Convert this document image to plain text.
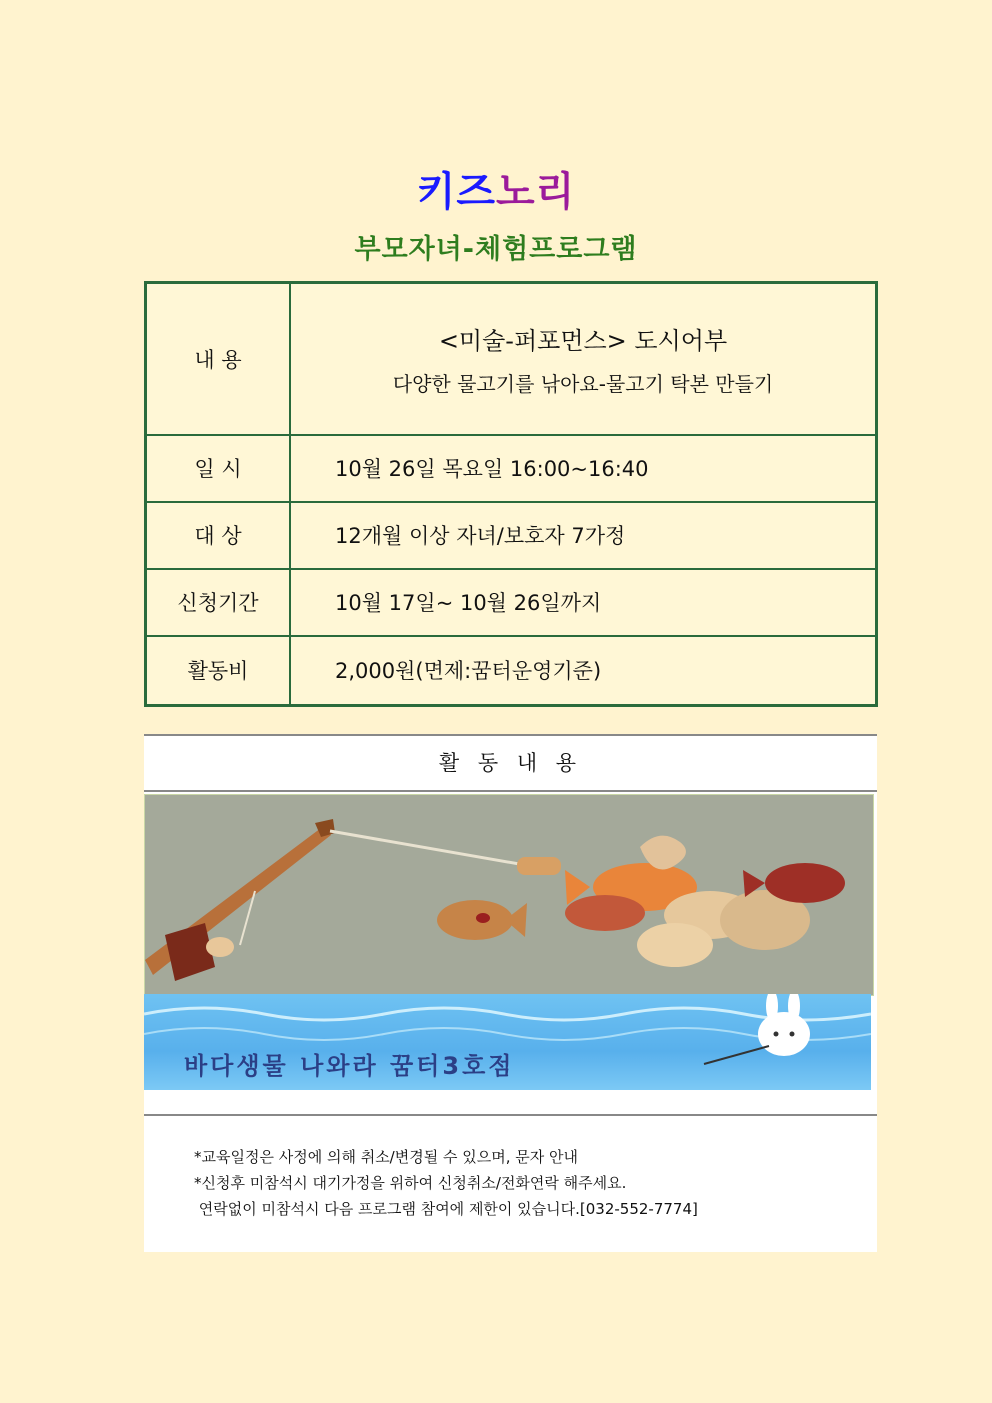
키즈노리
부모자녀-체험프로그램
내 용	<미술-퍼포먼스> 도시어부
다양한 물고기를 낚아요-물고기 탁본 만들기

일 시	10월 26일 목요일 16:00~16:40
대 상	12개월 이상 자녀/보호자 7가정
신청기간	10월 17일~ 10월 26일까지
활동비	2,000원(면제:꿈터운영기준)
활 동 내 용
바다생물 나와라 꿈터3호점
*교육일정은 사정에 의해 취소/변경될 수 있으며, 문자 안내
*신청후 미참석시 대기가정을 위하여 신청취소/전화연락 해주세요.
연락없이 미참석시 다음 프로그램 참여에 제한이 있습니다.[032-552-7774]
